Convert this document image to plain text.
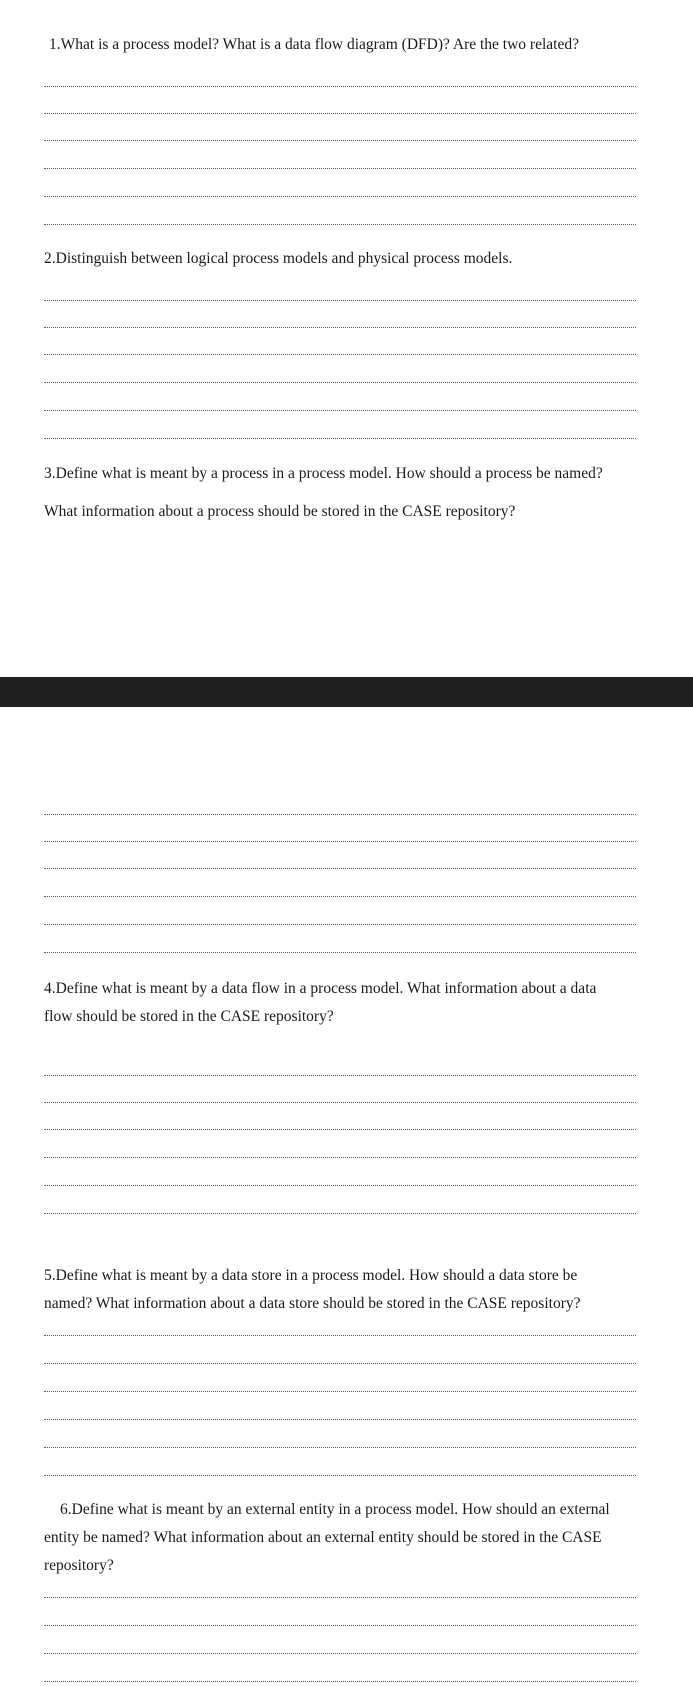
1.What is a process model? What is a data flow diagram (DFD)? Are the two related?

2.Distinguish between logical process models and physical process models.

3.Define what is meant by a process in a process model. How should a process be named?

What information about a process should be stored in the CASE repository?

4.Define what is meant by a data flow in a process model. What information about a data

flow should be stored in the CASE repository?

5.Define what is meant by a data store in a process model. How should a data store be

named? What information about a data store should be stored in the CASE repository?

6.Define what is meant by an external entity in a process model. How should an external

entity be named? What information about an external entity should be stored in the CASE

repository?
